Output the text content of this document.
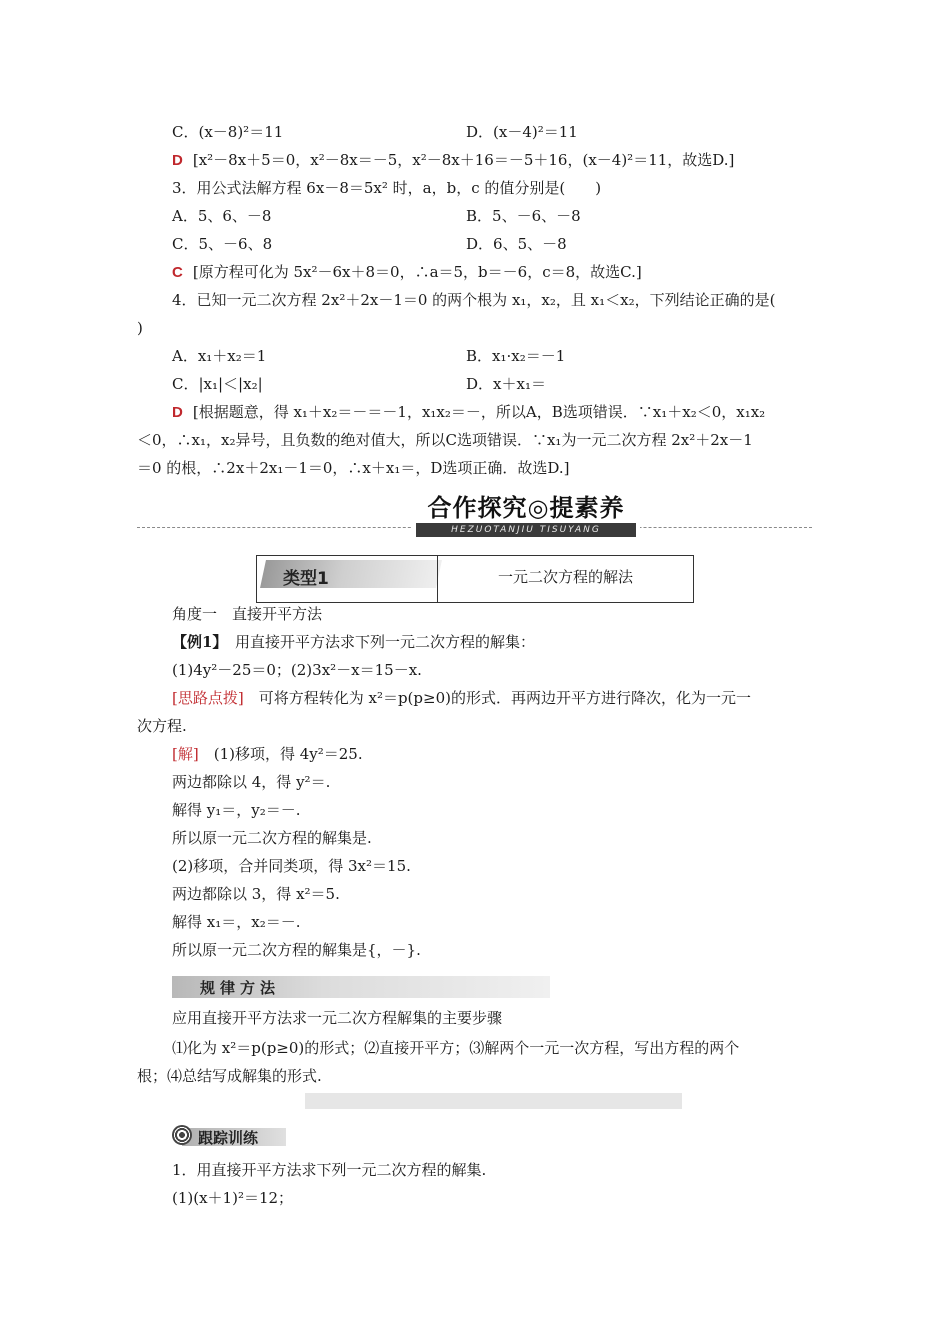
C．(x－8)²＝11	D．(x－4)²＝11
D [x²－8x＋5＝0，x²－8x＝－5，x²－8x＋16＝－5＋16，(x－4)²＝11，故选D.]
3．用公式法解方程 6x－8＝5x² 时，a，b，c 的值分别是(　　)
A．5、6、－8	B．5、－6、－8
C．5、－6、8	D．6、5、－8
C [原方程可化为 5x²－6x＋8＝0，∴a＝5，b＝－6，c＝8，故选C.]
4．已知一元二次方程 2x²＋2x－1＝0 的两个根为 x₁，x₂，且 x₁＜x₂，下列结论正确的是(
)
A．x₁＋x₂＝1	B．x₁·x₂＝－1
C．|x₁|＜|x₂|	D．x＋x₁＝
D [根据题意，得 x₁＋x₂＝－＝－1，x₁x₂＝－，所以A，B选项错误．∵x₁＋x₂＜0，x₁x₂
＜0，∴x₁，x₂异号，且负数的绝对值大，所以C选项错误．∵x₁为一元二次方程 2x²＋2x－1
＝0 的根，∴2x＋2x₁－1＝0，∴x＋x₁＝，D选项正确．故选D.]
合作探究◎提素养
HEZUOTANJIU TISUYANG
类型1	一元二次方程的解法
角度一　直接开平方法
【例1】　用直接开平方法求下列一元二次方程的解集：
(1)4y²－25＝0；(2)3x²－x＝15－x.
[思路点拨]　可将方程转化为 x²＝p(p≥0)的形式．再两边开平方进行降次，化为一元一
次方程.
[解]　(1)移项，得 4y²＝25.
两边都除以 4，得 y²＝.
解得 y₁＝，y₂＝－.
所以原一元二次方程的解集是.
(2)移项，合并同类项，得 3x²＝15.
两边都除以 3，得 x²＝5.
解得 x₁＝，x₂＝－.
所以原一元二次方程的解集是{，－}.
规律方法
应用直接开平方法求一元二次方程解集的主要步骤
⑴化为 x²＝p(p≥0)的形式；⑵直接开平方；⑶解两个一元一次方程，写出方程的两个
根；⑷总结写成解集的形式.
跟踪训练
1．用直接开平方法求下列一元二次方程的解集.
(1)(x＋1)²＝12；
